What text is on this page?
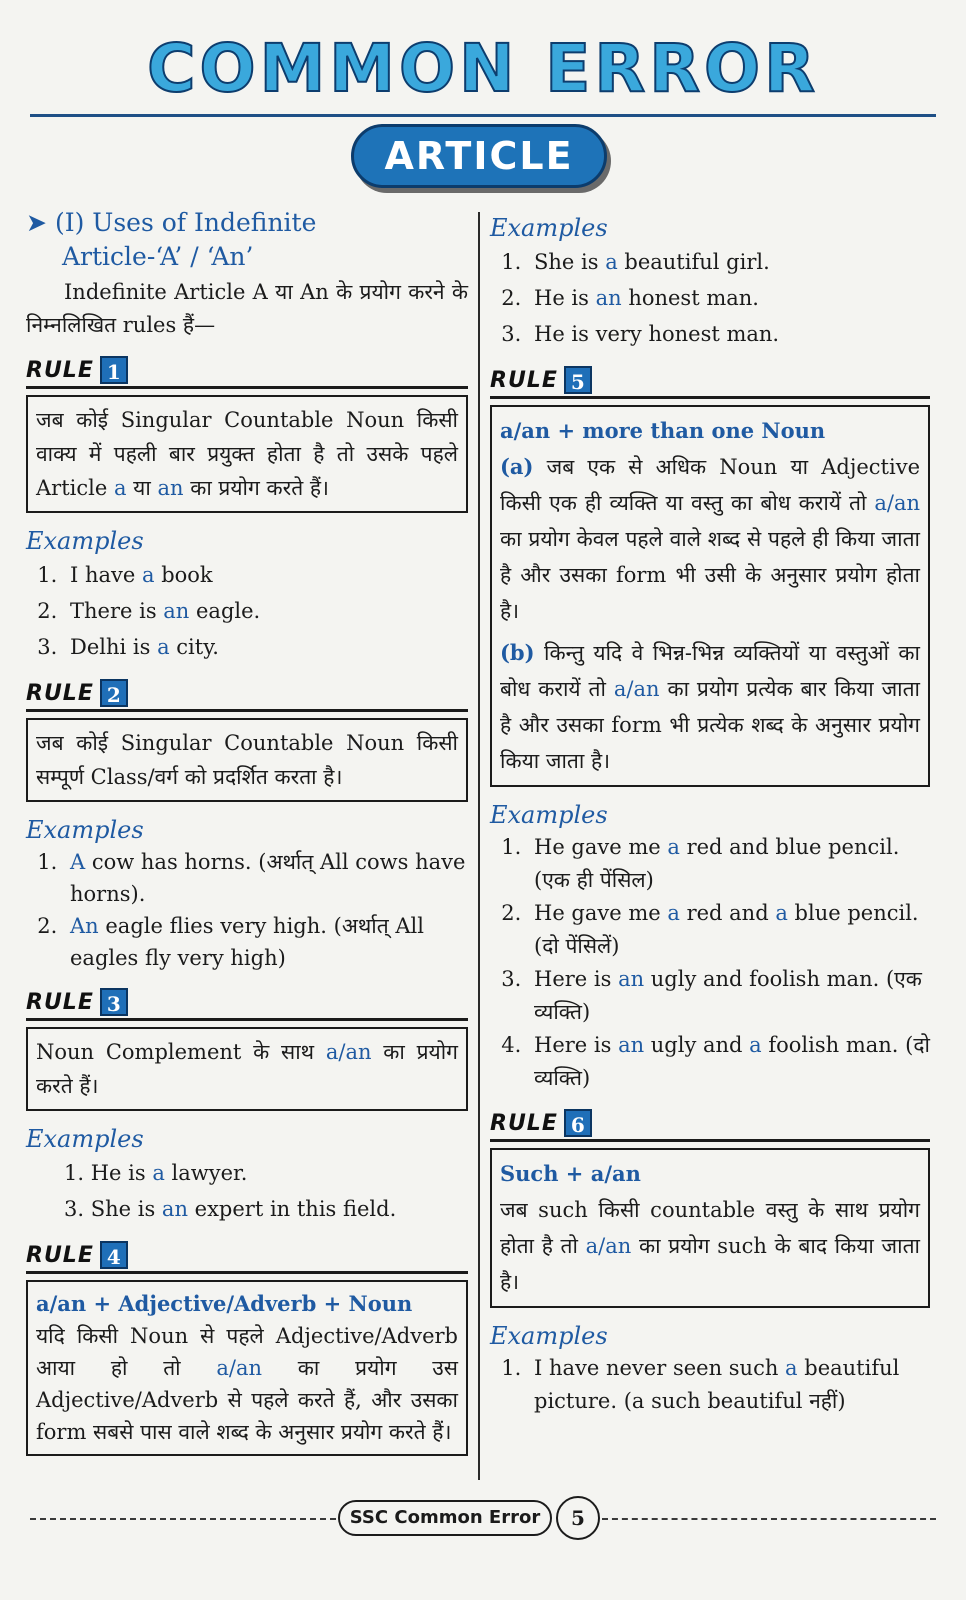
COMMON ERROR
ARTICLE
➤ (I) Uses of Indefinite
Article-‘A’ / ‘An’
Indefinite Article A या An के प्रयोग करने के निम्नलिखित rules हैं—
RULE 1
जब कोई Singular Countable Noun किसी वाक्य में पहली बार प्रयुक्त होता है तो उसके पहले Article a या an का प्रयोग करते हैं।
Examples
1. I have a book
2. There is an eagle.
3. Delhi is a city.
RULE 2
जब कोई Singular Countable Noun किसी सम्पूर्ण Class/वर्ग को प्रदर्शित करता है।
Examples
1. A cow has horns. (अर्थात् All cows have horns).
2. An eagle flies very high. (अर्थात् All eagles fly very high)
RULE 3
Noun Complement के साथ a/an का प्रयोग करते हैं।
Examples
1. He is a lawyer.
3. She is an expert in this field.
RULE 4
a/an + Adjective/Adverb + Noun
यदि किसी Noun से पहले Adjective/Adverb आया हो तो a/an का प्रयोग उस Adjective/Adverb से पहले करते हैं, और उसका form सबसे पास वाले शब्द के अनुसार प्रयोग करते हैं।
Examples
1. She is a beautiful girl.
2. He is an honest man.
3. He is very honest man.
RULE 5
a/an + more than one Noun
(a) जब एक से अधिक Noun या Adjective किसी एक ही व्यक्ति या वस्तु का बोध करायें तो a/an का प्रयोग केवल पहले वाले शब्द से पहले ही किया जाता है और उसका form भी उसी के अनुसार प्रयोग होता है।
(b) किन्तु यदि वे भिन्न-भिन्न व्यक्तियों या वस्तुओं का बोध करायें तो a/an का प्रयोग प्रत्येक बार किया जाता है और उसका form भी प्रत्येक शब्द के अनुसार प्रयोग किया जाता है।
Examples
1. He gave me a red and blue pencil. (एक ही पेंसिल)
2. He gave me a red and a blue pencil. (दो पेंसिलें)
3. Here is an ugly and foolish man. (एक व्यक्ति)
4. Here is an ugly and a foolish man. (दो व्यक्ति)
RULE 6
Such + a/an
जब such किसी countable वस्तु के साथ प्रयोग होता है तो a/an का प्रयोग such के बाद किया जाता है।
Examples
1. I have never seen such a beautiful picture. (a such beautiful नहीं)
SSC Common Error	5
